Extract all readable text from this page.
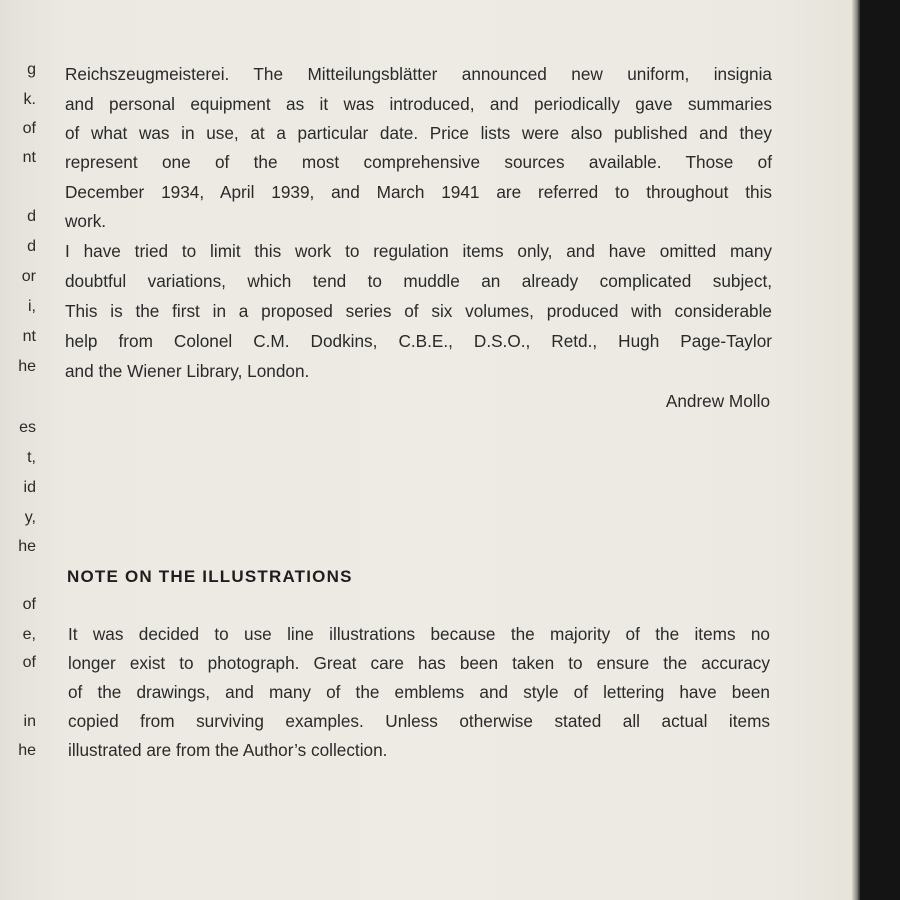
g
k.
of
nt
d
d
or
i,
nt
he
es
t,
id
y,
he
of
e,
of
in
he
Reichszeugmeisterei. The Mitteilungsblätter announced new uniform, insignia
and personal equipment as it was introduced, and periodically gave summaries
of what was in use, at a particular date. Price lists were also published and they
represent one of the most comprehensive sources available. Those of
December 1934, April 1939, and March 1941 are referred to throughout this
work.
I have tried to limit this work to regulation items only, and have omitted many
doubtful variations, which tend to muddle an already complicated subject,
This is the first in a proposed series of six volumes, produced with considerable
help from Colonel C.M. Dodkins, C.B.E., D.S.O., Retd., Hugh Page-Taylor
and the Wiener Library, London.
Andrew Mollo
NOTE ON THE ILLUSTRATIONS
It was decided to use line illustrations because the majority of the items no
longer exist to photograph. Great care has been taken to ensure the accuracy
of the drawings, and many of the emblems and style of lettering have been
copied from surviving examples. Unless otherwise stated all actual items
illustrated are from the Author’s collection.
